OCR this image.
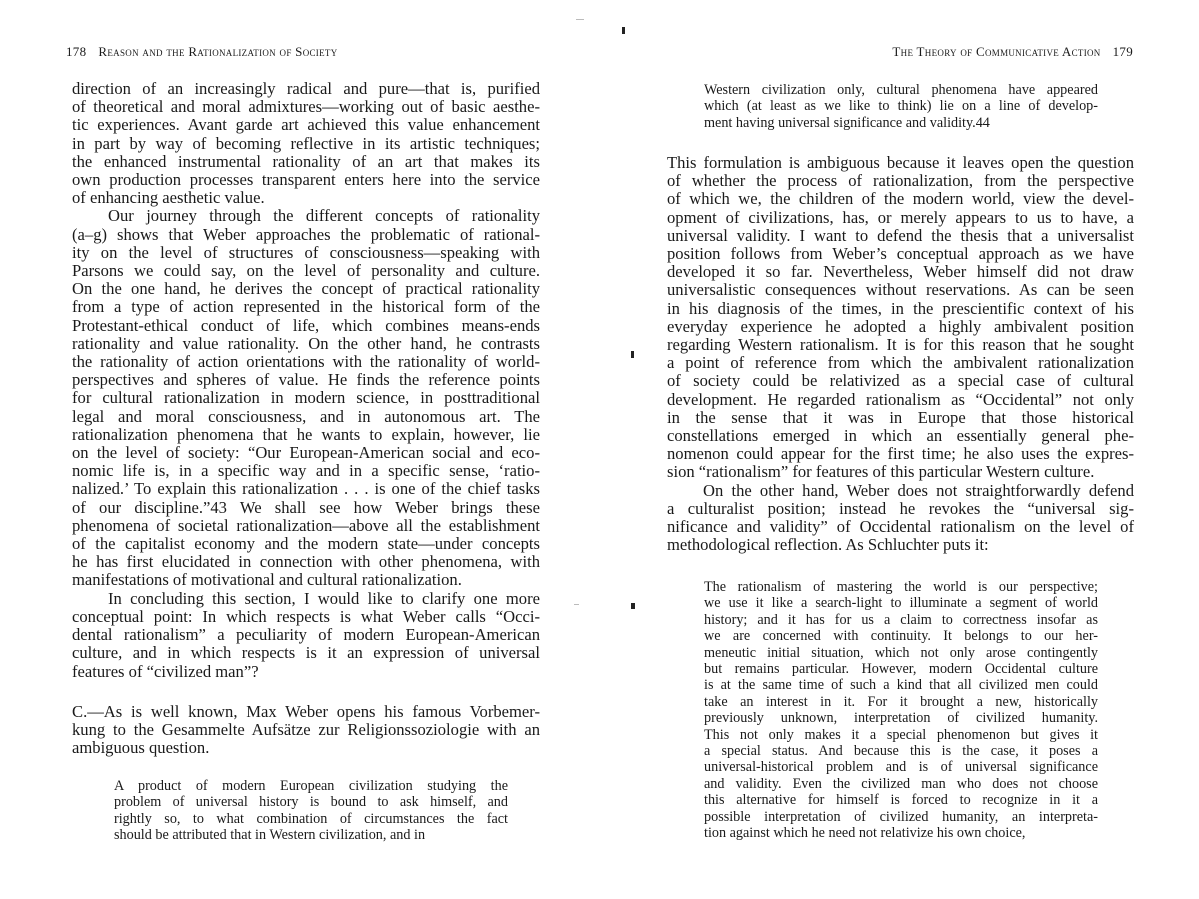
178 Reason and the Rationalization of Society
direction of an increasingly radical and pure—that is, purified
of theoretical and moral admixtures—working out of basic aesthe-
tic experiences. Avant garde art achieved this value enhancement
in part by way of becoming reflective in its artistic techniques;
the enhanced instrumental rationality of an art that makes its
own production processes transparent enters here into the service
of enhancing aesthetic value.
Our journey through the different concepts of rationality
(a–g) shows that Weber approaches the problematic of rational-
ity on the level of structures of consciousness—speaking with
Parsons we could say, on the level of personality and culture.
On the one hand, he derives the concept of practical rationality
from a type of action represented in the historical form of the
Protestant-ethical conduct of life, which combines means-ends
rationality and value rationality. On the other hand, he contrasts
the rationality of action orientations with the rationality of world-
perspectives and spheres of value. He finds the reference points
for cultural rationalization in modern science, in posttraditional
legal and moral consciousness, and in autonomous art. The
rationalization phenomena that he wants to explain, however, lie
on the level of society: “Our European-American social and eco-
nomic life is, in a specific way and in a specific sense, ‘ratio-
nalized.’ To explain this rationalization . . . is one of the chief tasks
of our discipline.”43 We shall see how Weber brings these
phenomena of societal rationalization—above all the establishment
of the capitalist economy and the modern state—under concepts
he has first elucidated in connection with other phenomena, with
manifestations of motivational and cultural rationalization.
In concluding this section, I would like to clarify one more
conceptual point: In which respects is what Weber calls “Occi-
dental rationalism” a peculiarity of modern European-American
culture, and in which respects is it an expression of universal
features of “civilized man”?
C.—As is well known, Max Weber opens his famous Vorbemer-
kung to the Gesammelte Aufsätze zur Religionssoziologie with an
ambiguous question.
A product of modern European civilization studying the
problem of universal history is bound to ask himself, and
rightly so, to what combination of circumstances the fact
should be attributed that in Western civilization, and in
The Theory of Communicative Action 179
Western civilization only, cultural phenomena have appeared
which (at least as we like to think) lie on a line of develop-
ment having universal significance and validity.44
This formulation is ambiguous because it leaves open the question
of whether the process of rationalization, from the perspective
of which we, the children of the modern world, view the devel-
opment of civilizations, has, or merely appears to us to have, a
universal validity. I want to defend the thesis that a universalist
position follows from Weber’s conceptual approach as we have
developed it so far. Nevertheless, Weber himself did not draw
universalistic consequences without reservations. As can be seen
in his diagnosis of the times, in the prescientific context of his
everyday experience he adopted a highly ambivalent position
regarding Western rationalism. It is for this reason that he sought
a point of reference from which the ambivalent rationalization
of society could be relativized as a special case of cultural
development. He regarded rationalism as “Occidental” not only
in the sense that it was in Europe that those historical
constellations emerged in which an essentially general phe-
nomenon could appear for the first time; he also uses the expres-
sion “rationalism” for features of this particular Western culture.
On the other hand, Weber does not straightforwardly defend
a culturalist position; instead he revokes the “universal sig-
nificance and validity” of Occidental rationalism on the level of
methodological reflection. As Schluchter puts it:
The rationalism of mastering the world is our perspective;
we use it like a search-light to illuminate a segment of world
history; and it has for us a claim to correctness insofar as
we are concerned with continuity. It belongs to our her-
meneutic initial situation, which not only arose contingently
but remains particular. However, modern Occidental culture
is at the same time of such a kind that all civilized men could
take an interest in it. For it brought a new, historically
previously unknown, interpretation of civilized humanity.
This not only makes it a special phenomenon but gives it
a special status. And because this is the case, it poses a
universal-historical problem and is of universal significance
and validity. Even the civilized man who does not choose
this alternative for himself is forced to recognize in it a
possible interpretation of civilized humanity, an interpreta-
tion against which he need not relativize his own choice,
